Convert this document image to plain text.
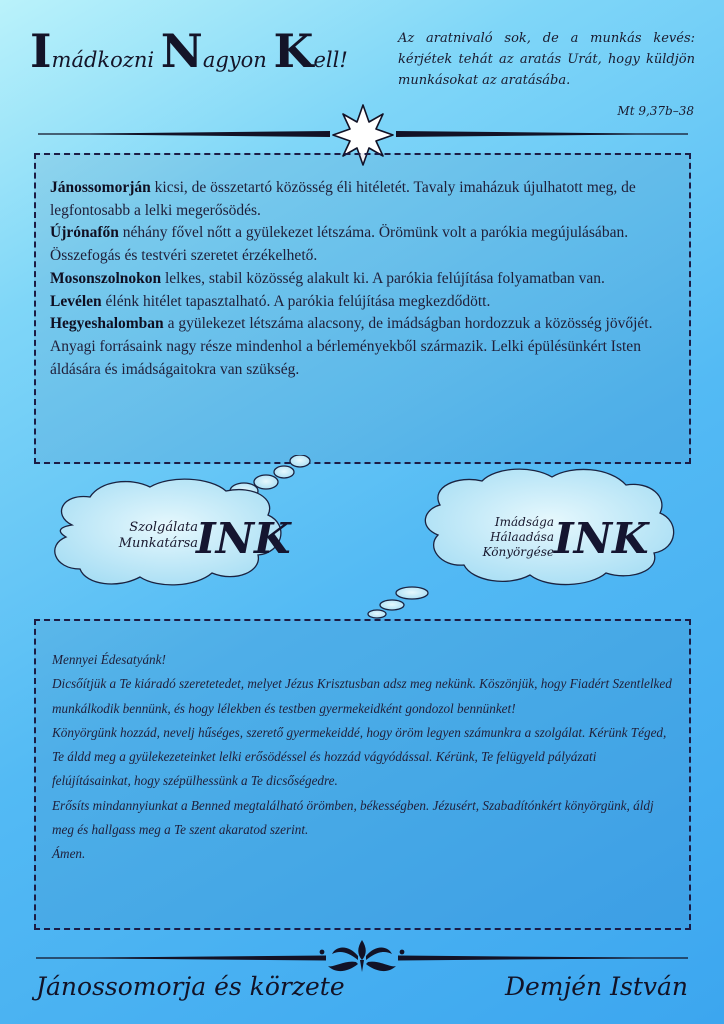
Imádkozni Nagyon Kell!
Az aratnivaló sok, de a munkás kevés: kérjétek tehát az aratás Urát, hogy küldjön munkásokat az aratásába.
Mt 9,37b–38

Jánossomorján kicsi, de összetartó közösség éli hitéletét. Tavaly imaházuk újulhatott meg, de legfontosabb a lelki megerősödés.

Újrónafőn néhány fővel nőtt a gyülekezet létszáma. Örömünk volt a parókia megújulásában. Összefogás és testvéri szeretet érzékelhető.

Mosonszolnokon lelkes, stabil közösség alakult ki. A parókia felújítása folyamatban van.

Levélen élénk hitélet tapasztalható. A parókia felújítása megkezdődött.

Hegyeshalomban a gyülekezet létszáma alacsony, de imádságban hordozzuk a közösség jövőjét.

Anyagi forrásaink nagy része mindenhol a bérleményekből származik. Lelki épülésünkért Isten áldására és imádságaitokra van szükség.

Szolgálata
Munkatársa
INK	Imádsága
Hálaadása
Könyörgése INK

Mennyei Édesatyánk!

Dicsőítjük a Te kiáradó szeretetedet, melyet Jézus Krisztusban adsz meg nekünk. Köszönjük, hogy Fiadért Szentlelked munkálkodik bennünk, és hogy lélekben és testben gyermekeidként gondozol bennünket!

Könyörgünk hozzád, nevelj hűséges, szerető gyermekeiddé, hogy öröm legyen számunkra a szolgálat. Kérünk Téged, Te áldd meg a gyülekezeteinket lelki erősödéssel és hozzád vágyódással. Kérünk, Te felügyeld pályázati felújításainkat, hogy szépülhessünk a Te dicsőségedre.

Erősíts mindannyiunkat a Benned megtalálható örömben, békességben. Jézusért, Szabadítónkért könyörgünk, áldj meg és hallgass meg a Te szent akaratod szerint.

Ámen.

Jánossomorja és körzete	Demjén István
